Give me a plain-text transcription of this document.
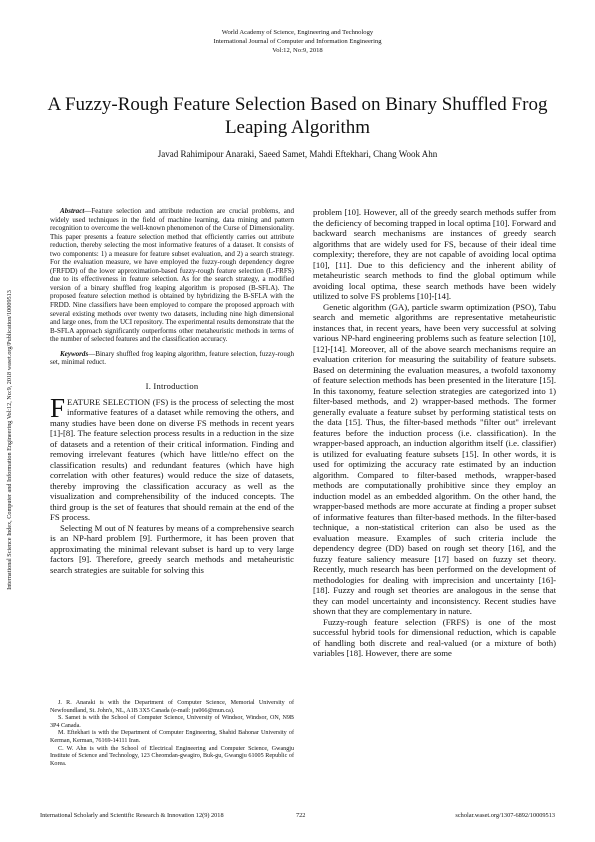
World Academy of Science, Engineering and Technology
International Journal of Computer and Information Engineering
Vol:12, No:9, 2018
A Fuzzy-Rough Feature Selection Based on Binary Shuffled Frog Leaping Algorithm
Javad Rahimipour Anaraki, Saeed Samet, Mahdi Eftekhari, Chang Wook Ahn
International Science Index, Computer and Information Engineering Vol:12, No:9, 2018 waset.org/Publication/10009513

Abstract—Feature selection and attribute reduction are crucial problems, and widely used techniques in the field of machine learning, data mining and pattern recognition to overcome the well-known phenomenon of the Curse of Dimensionality. This paper presents a feature selection method that efficiently carries out attribute reduction, thereby selecting the most informative features of a dataset. It consists of two components: 1) a measure for feature subset evaluation, and 2) a search strategy. For the evaluation measure, we have employed the fuzzy-rough dependency degree (FRFDD) of the lower approximation-based fuzzy-rough feature selection (L-FRFS) due to its effectiveness in feature selection. As for the search strategy, a modified version of a binary shuffled frog leaping algorithm is proposed (B-SFLA). The proposed feature selection method is obtained by hybridizing the B-SFLA with the FRDD. Nine classifiers have been employed to compare the proposed approach with several existing methods over twenty two datasets, including nine high dimensional and large ones, from the UCI repository. The experimental results demonstrate that the B-SFLA approach significantly outperforms other metaheuristic methods in terms of the number of selected features and the classification accuracy.

Keywords—Binary shuffled frog leaping algorithm, feature selection, fuzzy-rough set, minimal reduct.

I. Introduction

FEATURE SELECTION (FS) is the process of selecting the most informative features of a dataset while removing the others, and many studies have been done on diverse FS methods in recent years [1]-[8]. The feature selection process results in a reduction in the size of datasets and a retention of their critical information. Finding and removing irrelevant features (which have little/no effect on the classification results) and redundant features (which have high correlation with other features) would reduce the size of datasets, thereby improving the classification accuracy as well as the visualization and comprehensibility of the induced concepts. The third group is the set of features that should remain at the end of the FS process.

Selecting M out of N features by means of a comprehensive search is an NP-hard problem [9]. Furthermore, it has been proven that approximating the minimal relevant subset is hard up to very large factors [9]. Therefore, greedy search methods and metaheuristic search strategies are suitable for solving this

J. R. Anaraki is with the Department of Computer Science, Memorial University of Newfoundland, St. John's, NL, A1B 3X5 Canada (e-mail: jra066@mun.ca).

S. Samet is with the School of Computer Science, University of Windsor, Windsor, ON, N9B 3P4 Canada.

M. Eftekhari is with the Department of Computer Engineering, Shahid Bahonar University of Kerman, Kerman, 76169-14111 Iran.

C. W. Ahn is with the School of Electrical Engineering and Computer Science, Gwangju Institute of Science and Technology, 123 Cheomdan-gwagiro, Buk-gu, Gwangju 61005 Republic of Korea.

problem [10]. However, all of the greedy search methods suffer from the deficiency of becoming trapped in local optima [10]. Forward and backward search mechanisms are instances of greedy search algorithms that are widely used for FS, because of their ideal time complexity; therefore, they are not capable of avoiding local optima [10], [11]. Due to this deficiency and the inherent ability of metaheuristic search methods to find the global optimum while avoiding local optima, these search methods have been widely utilized to solve FS problems [10]-[14].

Genetic algorithm (GA), particle swarm optimization (PSO), Tabu search and memetic algorithms are representative metaheuristic instances that, in recent years, have been very successful at solving various NP-hard engineering problems such as feature selection [10], [12]-[14]. Moreover, all of the above search mechanisms require an evaluation criterion for measuring the suitability of feature subsets. Based on determining the evaluation measures, a twofold taxonomy of feature selection methods has been presented in the literature [15]. In this taxonomy, feature selection strategies are categorized into 1) filter-based methods, and 2) wrapper-based methods. The former generally evaluate a feature subset by performing statistical tests on the data [15]. Thus, the filter-based methods "filter out" irrelevant features before the induction process (i.e. classification). In the wrapper-based approach, an induction algorithm itself (i.e. classifier) is utilized for evaluating feature subsets [15]. In other words, it is used for optimizing the accuracy rate estimated by an induction algorithm. Compared to filter-based methods, wrapper-based methods are computationally prohibitive since they employ an induction model as an embedded algorithm. On the other hand, the wrapper-based methods are more accurate at finding a proper subset of informative features than filter-based methods. In the filter-based technique, a non-statistical criterion can also be used as the evaluation measure. Examples of such criteria include the dependency degree (DD) based on rough set theory [16], and the fuzzy feature saliency measure [17] based on fuzzy set theory. Recently, much research has been performed on the development of methodologies for dealing with imprecision and uncertainty [16]-[18]. Fuzzy and rough set theories are analogous in the sense that they can model uncertainty and inconsistency. Recent studies have shown that they are complementary in nature.

Fuzzy-rough feature selection (FRFS) is one of the most successful hybrid tools for dimensional reduction, which is capable of handling both discrete and real-valued (or a mixture of both) variables [18]. However, there are some

International Scholarly and Scientific Research & Innovation 12(9) 2018	722	scholar.waset.org/1307-6892/10009513
